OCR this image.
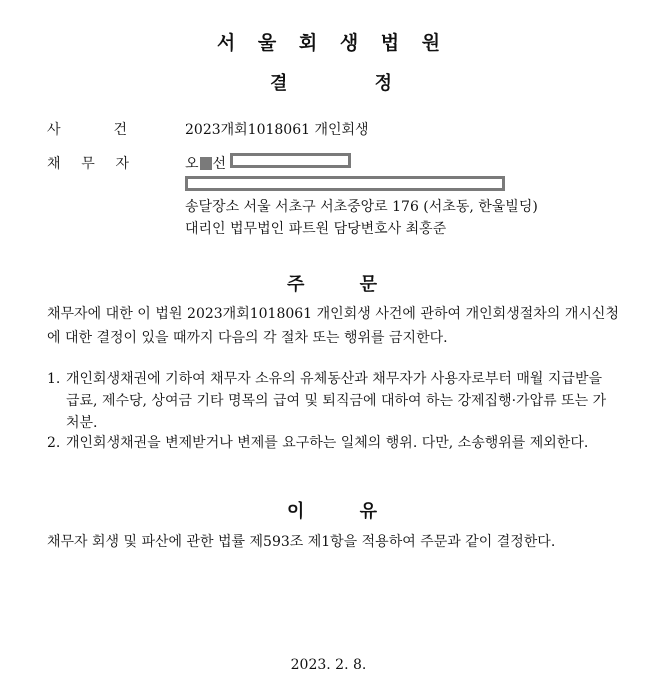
서 울 회 생 법 원
결	정
사	건	2023개회1018061 개인회생
채 무 자	오 선
송달장소 서울 서초구 서초중앙로 176 (서초동, 한울빌딩)
대리인 법무법인 파트원 담당변호사 최홍준
주	문
채무자에 대한 이 법원 2023개회1018061 개인회생 사건에 관하여 개인회생절차의 개시신청에 대한 결정이 있을 때까지 다음의 각 절차 또는 행위를 금지한다.
1. 개인회생채권에 기하여 채무자 소유의 유체동산과 채무자가 사용자로부터 매월 지급받을 급료, 제수당, 상여금 기타 명목의 급여 및 퇴직금에 대하여 하는 강제집행·가압류 또는 가처분.
2. 개인회생채권을 변제받거나 변제를 요구하는 일체의 행위. 다만, 소송행위를 제외한다.
이	유
채무자 회생 및 파산에 관한 법률 제593조 제1항을 적용하여 주문과 같이 결정한다.
2023. 2. 8.
